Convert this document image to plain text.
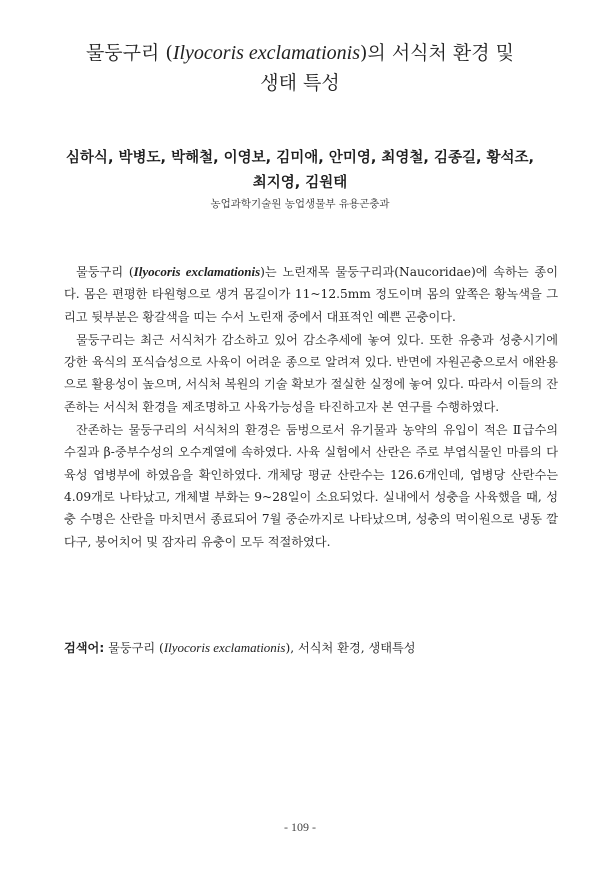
물둥구리 (Ilyocoris exclamationis)의 서식처 환경 및
생태 특성
심하식, 박병도, 박해철, 이영보, 김미애, 안미영, 최영철, 김종길, 황석조,
최지영, 김원태
농업과학기술원 농업생물부 유용곤충과

물둥구리 (Ilyocoris exclamationis)는 노린재목 물둥구리과(Naucoridae)에 속하는 종이다. 몸은 편평한 타원형으로 생겨 몸길이가 11~12.5mm 정도이며 몸의 앞쪽은 황녹색을 그리고 뒷부분은 황갈색을 띠는 수서 노린재 중에서 대표적인 예쁜 곤충이다.

물둥구리는 최근 서식처가 감소하고 있어 감소추세에 놓여 있다. 또한 유충과 성충시기에 강한 육식의 포식습성으로 사육이 어려운 종으로 알려져 있다. 반면에 자원곤충으로서 애완용으로 활용성이 높으며, 서식처 복원의 기술 확보가 절실한 실정에 놓여 있다. 따라서 이들의 잔존하는 서식처 환경을 제조명하고 사육가능성을 타진하고자 본 연구를 수행하였다.

잔존하는 물둥구리의 서식처의 환경은 둠벙으로서 유기물과 농약의 유입이 적은 Ⅱ급수의 수질과 β-중부수성의 오수계열에 속하였다. 사육 실험에서 산란은 주로 부엽식물인 마름의 다육성 엽병부에 하였음을 확인하였다. 개체당 평균 산란수는 126.6개인데, 엽병당 산란수는 4.09개로 나타났고, 개체별 부화는 9~28일이 소요되었다. 실내에서 성충을 사육했을 때, 성충 수명은 산란을 마치면서 종료되어 7월 중순까지로 나타났으며, 성충의 먹이원으로 냉동 깔다구, 붕어치어 및 잠자리 유충이 모두 적절하였다.

검색어: 물둥구리 (Ilyocoris exclamationis), 서식처 환경, 생태특성
- 109 -
